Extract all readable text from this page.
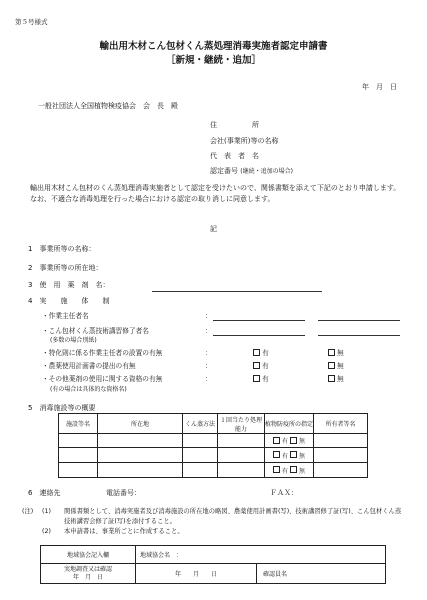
第５号様式
輸出用木材こん包材くん蒸処理消毒実施者認定申請書
［新規・継続・追加］
年　月　日
一般社団法人全国植物検疫協会　会　長　殿
住　　　　　所
会社(事業所)等の名称
代　表　者　名
認定番号 (継続・追加の場合)
輸出用木材こん包材のくん蒸処理消毒実施者として認定を受けたいので、関係書類を添えて下記のとおり申請します。
なお、不適合な消毒処理を行った場合における認定の取り消しに同意します。
記
1　事業所等の名称：
2　事業所等の所在地：
3　使　用　薬　剤　名：
4　実　　施　　体　　制
・作業主任者名	：
・こん包材くん蒸技術講習修了者名	：
(多数の場合別紙)
・特化則に係る作業主任者の設置の有無	：	有	無
・農薬使用計画書の提出の有無	：	有	無
・その他薬剤の使用に関する資格の有無	：	有	無
(有の場合は具体的な資格名)
5　消毒施設等の概要
施設等名	所在地	くん蒸方法	１回当たり処理能力	植物防疫所の指定	所有者等名
				有 無	
				有 無	
				有 無	
6　連絡先	電話番号：	ＦＡＸ：
(注) (1) 関係書類として、消毒実施者及び消毒施設の所在地の略図、農薬使用計画書(写)、技術講習修了証(写)、こん包材くん蒸技術講習会修了証(写)を添付すること。
(2) 本申請書は、事業所ごとに作成すること。
地域協会記入欄	地域協会名　：	

実地調査又は確認
年　月　日	年　　月　　日	確認員名
